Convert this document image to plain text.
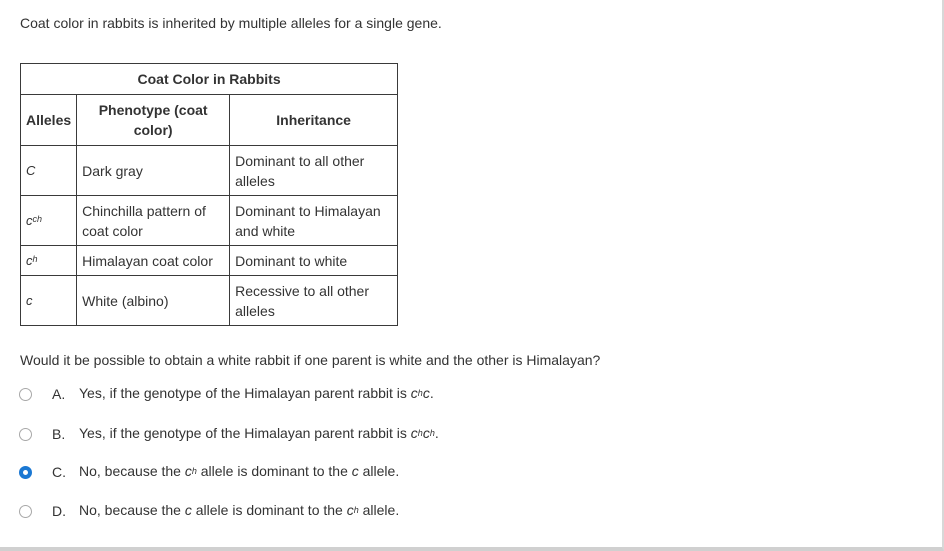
Coat color in rabbits is inherited by multiple alleles for a single gene.
Coat Color in Rabbits		
Alleles	Phenotype (coat color)	Inheritance
C	Dark gray	Dominant to all other alleles
$c^{ch}$	Chinchilla pattern of coat color	Dominant to Himalayan and white
$c^h$	Himalayan coat color	Dominant to white
c	White (albino)	Recessive to all other alleles
Would it be possible to obtain a white rabbit if one parent is white and the other is Himalayan?
A. Yes, if the genotype of the Himalayan parent rabbit is $c^hc$.
B. Yes, if the genotype of the Himalayan parent rabbit is $c^hc^h$.
C. No, because the $c^h$ allele is dominant to the c allele.
D. No, because the c allele is dominant to the $c^h$ allele.
